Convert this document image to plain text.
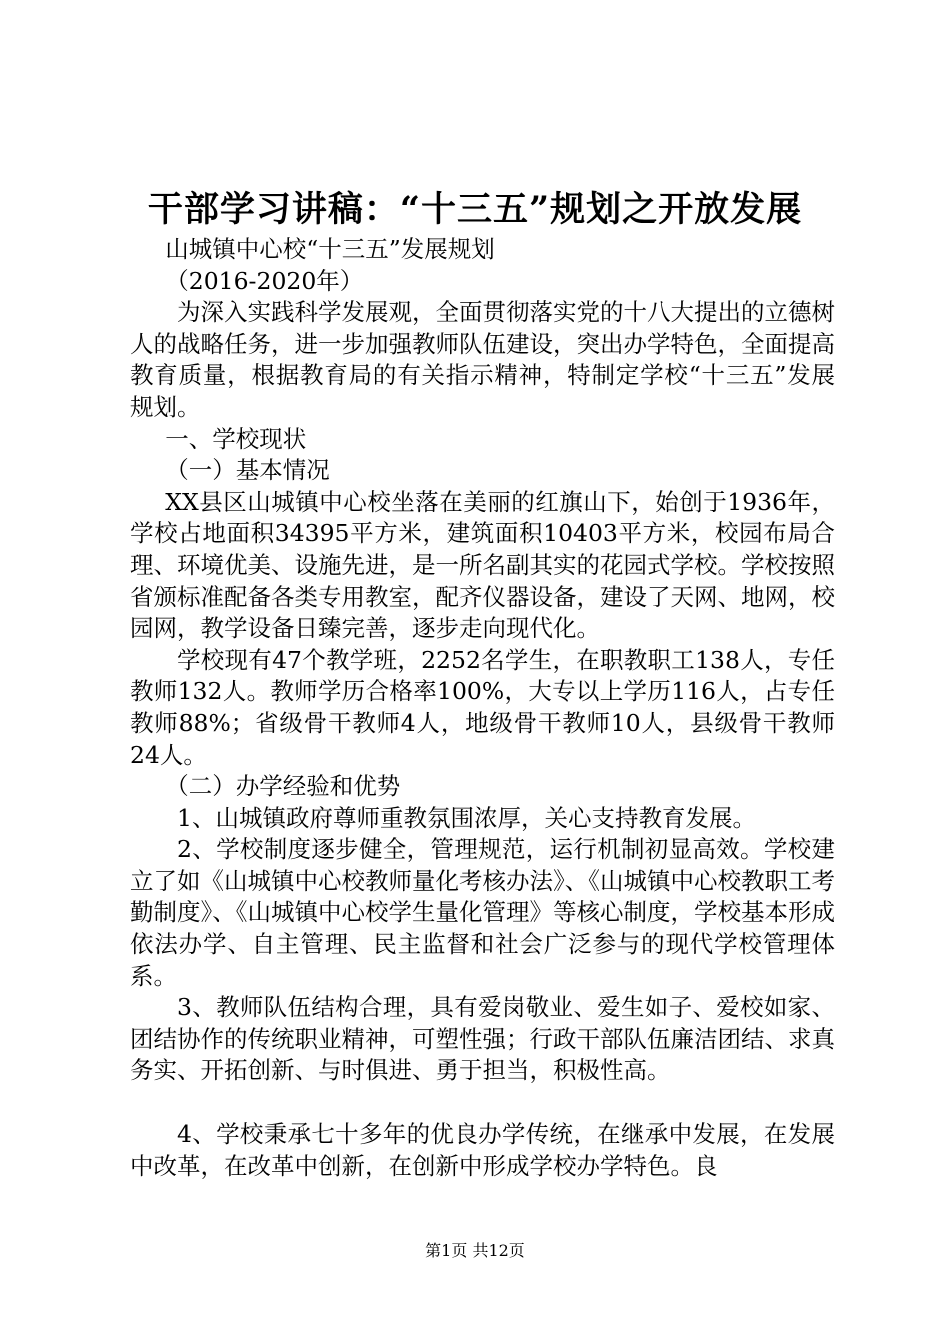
干部学习讲稿：“十三五”规划之开放发展

山城镇中心校“十三五”发展规划

（2016-2020年）

为深入实践科学发展观，全面贯彻落实党的十八大提出的立德树人的战略任务，进一步加强教师队伍建设，突出办学特色，全面提高教育质量，根据教育局的有关指示精神，特制定学校“十三五”发展规划。

一、学校现状

（一）基本情况

XX县区山城镇中心校坐落在美丽的红旗山下，始创于1936年，学校占地面积34395平方米，建筑面积10403平方米，校园布局合理、环境优美、设施先进，是一所名副其实的花园式学校。学校按照省颁标准配备各类专用教室，配齐仪器设备，建设了天网、地网，校园网，教学设备日臻完善，逐步走向现代化。

学校现有47个教学班，2252名学生，在职教职工138人，专任教师132人。教师学历合格率100%，大专以上学历116人，占专任教师88%；省级骨干教师4人，地级骨干教师10人，县级骨干教师24人。

（二）办学经验和优势

1、山城镇政府尊师重教氛围浓厚，关心支持教育发展。

2、学校制度逐步健全，管理规范，运行机制初显高效。学校建立了如《山城镇中心校教师量化考核办法》、《山城镇中心校教职工考勤制度》、《山城镇中心校学生量化管理》等核心制度，学校基本形成依法办学、自主管理、民主监督和社会广泛参与的现代学校管理体系。

3、教师队伍结构合理，具有爱岗敬业、爱生如子、爱校如家、团结协作的传统职业精神，可塑性强；行政干部队伍廉洁团结、求真务实、开拓创新、与时俱进、勇于担当，积极性高。

4、学校秉承七十多年的优良办学传统，在继承中发展，在发展中改革，在改革中创新，在创新中形成学校办学特色。良

第1页 共12页
